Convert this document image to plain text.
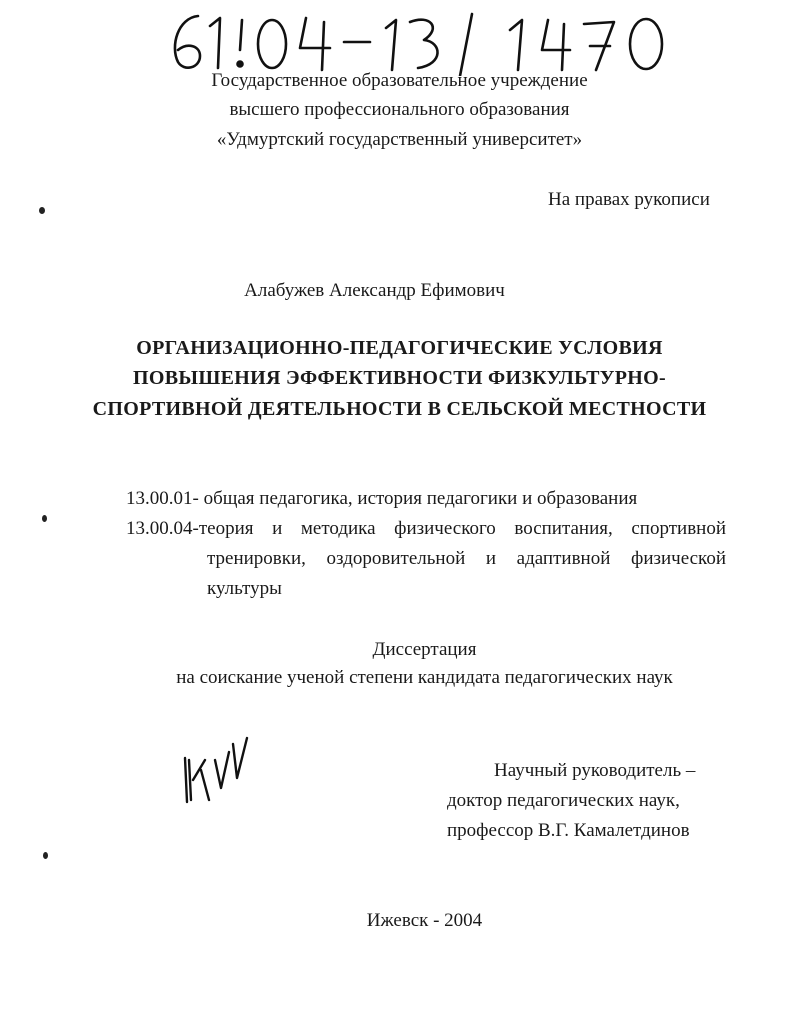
Государственное образовательное учреждение
высшего профессионального образования
«Удмуртский государственный университет»
На правах рукописи
Алабужев Александр Ефимович
ОРГАНИЗАЦИОННО-ПЕДАГОГИЧЕСКИЕ УСЛОВИЯ
ПОВЫШЕНИЯ ЭФФЕКТИВНОСТИ ФИЗКУЛЬТУРНО-
СПОРТИВНОЙ ДЕЯТЕЛЬНОСТИ В СЕЛЬСКОЙ МЕСТНОСТИ
13.00.01- общая педагогика, история педагогики и образования
13.00.04-теория и методика физического воспитания, спортивной
тренировки, оздоровительной и адаптивной физической
культуры
Диссертация
на соискание ученой степени кандидата педагогических наук
Научный руководитель –
доктор педагогических наук,
профессор В.Г. Камалетдинов
Ижевск - 2004
